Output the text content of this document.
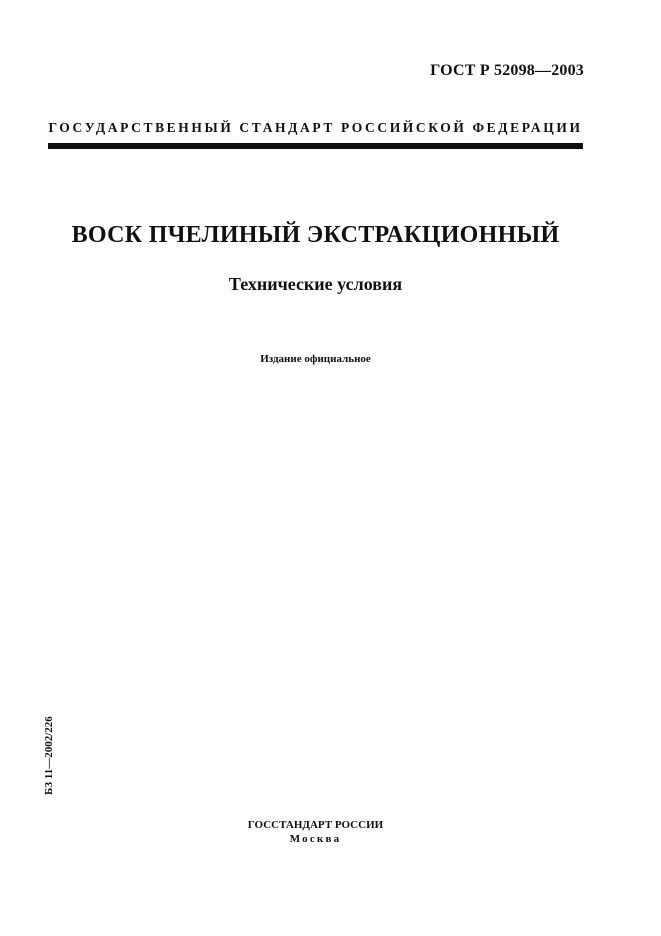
ГОСТ Р 52098—2003
ГОСУДАРСТВЕННЫЙ СТАНДАРТ РОССИЙСКОЙ ФЕДЕРАЦИИ
ВОСК ПЧЕЛИНЫЙ ЭКСТРАКЦИОННЫЙ
Технические условия
Издание официальное
БЗ 11—2002/226
ГОССТАНДАРТ РОССИИ
Москва
